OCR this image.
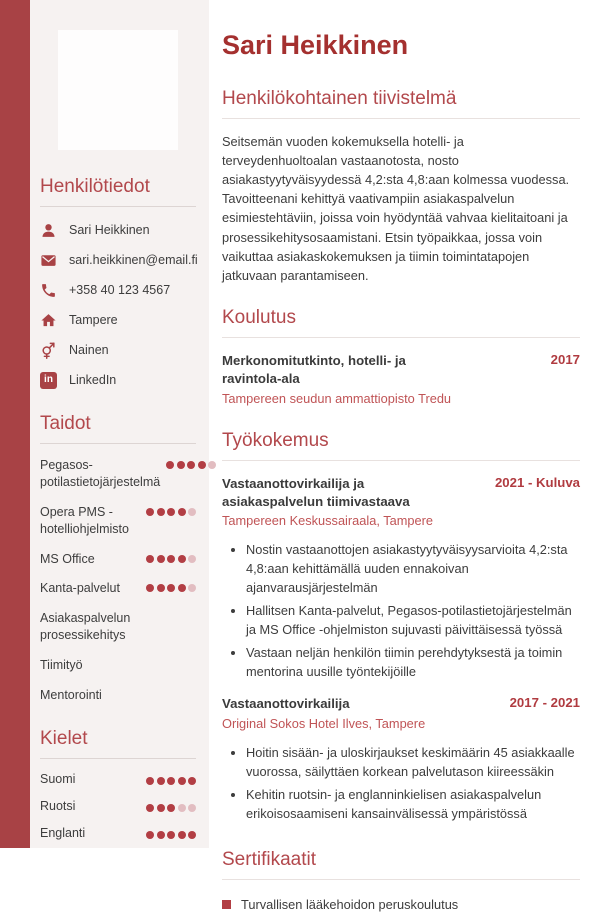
Henkilötiedot
Sari Heikkinen
sari.heikkinen@email.fi
+358 40 123 4567
Tampere
Nainen
in	LinkedIn
Taidot
Pegasos-potilastietojärjestelmä
Opera PMS - hotelliohjelmisto
MS Office
Kanta-palvelut
Asiakaspalvelun prosessikehitys
Tiimityö
Mentorointi
Kielet
Suomi
Ruotsi
Englanti
Sari Heikkinen
Henkilökohtainen tiivistelmä

Seitsemän vuoden kokemuksella hotelli- ja terveydenhuoltoalan vastaanotosta, nosto asiakastyytyväisyydessä 4,2:sta 4,8:aan kolmessa vuodessa. Tavoitteenani kehittyä vaativampiin asiakaspalvelun esimiestehtäviin, joissa voin hyödyntää vahvaa kielitaitoani ja prosessikehitysosaamistani. Etsin työpaikkaa, jossa voin vaikuttaa asiakaskokemuksen ja tiimin toimintatapojen jatkuvaan parantamiseen.

Koulutus
Merkonomitutkinto, hotelli- ja ravintola-ala
2017
Tampereen seudun ammattiopisto Tredu
Työkokemus
Vastaanottovirkailija ja asiakaspalvelun tiimivastaava
2021 - Kuluva
Tampereen Keskussairaala, Tampere
• Nostin vastaanottojen asiakastyytyväisyysarvioita 4,2:sta 4,8:aan kehittämällä uuden ennakoivan ajanvarausjärjestelmän
• Hallitsen Kanta-palvelut, Pegasos-potilastietojärjestelmän ja MS Office -ohjelmiston sujuvasti päivittäisessä työssä
• Vastaan neljän henkilön tiimin perehdytyksestä ja toimin mentorina uusille työntekijöille
Vastaanottovirkailija	2017 - 2021
Original Sokos Hotel Ilves, Tampere
• Hoitin sisään- ja uloskirjaukset keskimäärin 45 asiakkaalle vuorossa, säilyttäen korkean palvelutason kiireessäkin
• Kehitin ruotsin- ja englanninkielisen asiakaspalvelun erikoisosaamiseni kansainvälisessä ympäristössä
Sertifikaatit
Turvallisen lääkehoidon peruskoulutus
